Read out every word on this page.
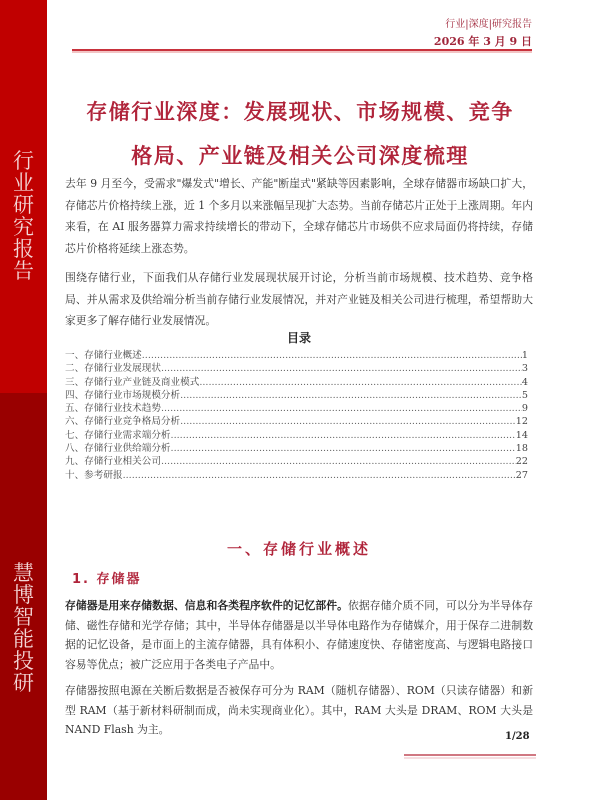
行
业
研
究
报
告
慧
博
智
能
投
研
行业|深度|研究报告
2026 年 3 月 9 日
存储行业深度：发展现状、市场规模、竞争
格局、产业链及相关公司深度梳理

去年 9 月至今，受需求"爆发式"增长、产能"断崖式"紧缺等因素影响，全球存储器市场缺口扩大，存储芯片价格持续上涨，近 1 个多月以来涨幅呈现扩大态势。当前存储芯片正处于上涨周期。年内来看，在 AI 服务器算力需求持续增长的带动下，全球存储芯片市场供不应求局面仍将持续，存储芯片价格将延续上涨态势。

围绕存储行业，下面我们从存储行业发展现状展开讨论，分析当前市场规模、技术趋势、竞争格局、并从需求及供给端分析当前存储行业发展情况，并对产业链及相关公司进行梳理，希望帮助大家更多了解存储行业发展情况。

目录
一、存储行业概述 .....	1
二、存储行业发展现状 .....	3
三、存储行业产业链及商业模式 .....	4
四、存储行业市场规模分析 .....	5
五、存储行业技术趋势 .....	9
六、存储行业竞争格局分析 .....	12
七、存储行业需求端分析 .....	14
八、存储行业供给端分析 .....	18
九、存储行业相关公司 .....	22
十、参考研报 .....	27
一、存储行业概述
1. 存储器

存储器是用来存储数据、信息和各类程序软件的记忆部件。依据存储介质不同，可以分为半导体存储、磁性存储和光学存储；其中，半导体存储器是以半导体电路作为存储媒介，用于保存二进制数据的记忆设备，是市面上的主流存储器，具有体积小、存储速度快、存储密度高、与逻辑电路接口容易等优点；被广泛应用于各类电子产品中。

存储器按照电源在关断后数据是否被保存可分为 RAM（随机存储器）、ROM（只读存储器）和新型 RAM（基于新材料研制而成，尚未实现商业化）。其中，RAM 大头是 DRAM、ROM 大头是 NAND Flash 为主。

1/28
